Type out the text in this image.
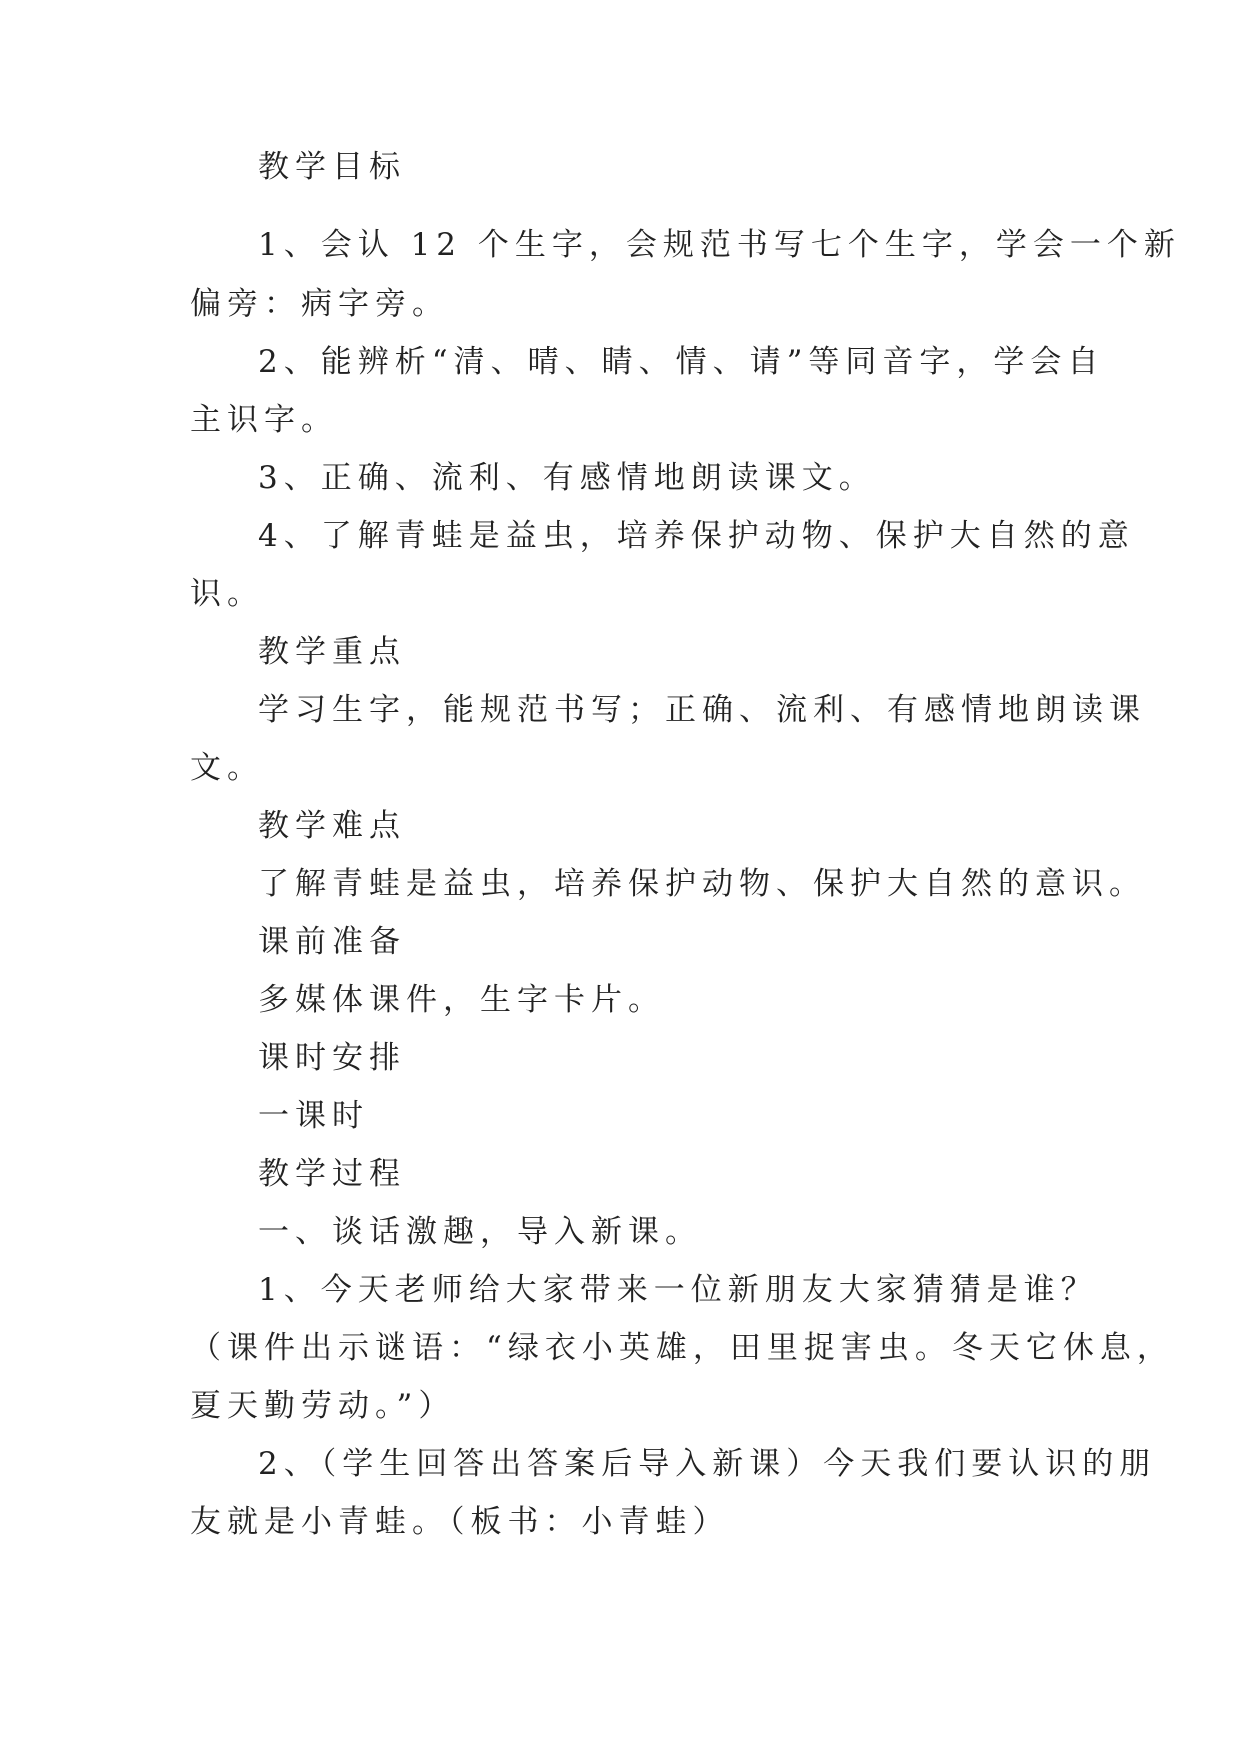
教学目标
1、会认 12 个生字，会规范书写七个生字，学会一个新
偏旁：病字旁。
2、能辨析“清、晴、睛、情、请”等同音字，学会自
主识字。
3、正确、流利、有感情地朗读课文。
4、了解青蛙是益虫，培养保护动物、保护大自然的意
识。
教学重点
学习生字，能规范书写；正确、流利、有感情地朗读课
文。
教学难点
了解青蛙是益虫，培养保护动物、保护大自然的意识。
课前准备
多媒体课件，生字卡片。
课时安排
一课时
教学过程
一、谈话激趣，导入新课。
1、今天老师给大家带来一位新朋友大家猜猜是谁？
（课件出示谜语：“绿衣小英雄，田里捉害虫。冬天它休息，
夏天勤劳动。”）
2、（学生回答出答案后导入新课）今天我们要认识的朋
友就是小青蛙。（板书：小青蛙）
